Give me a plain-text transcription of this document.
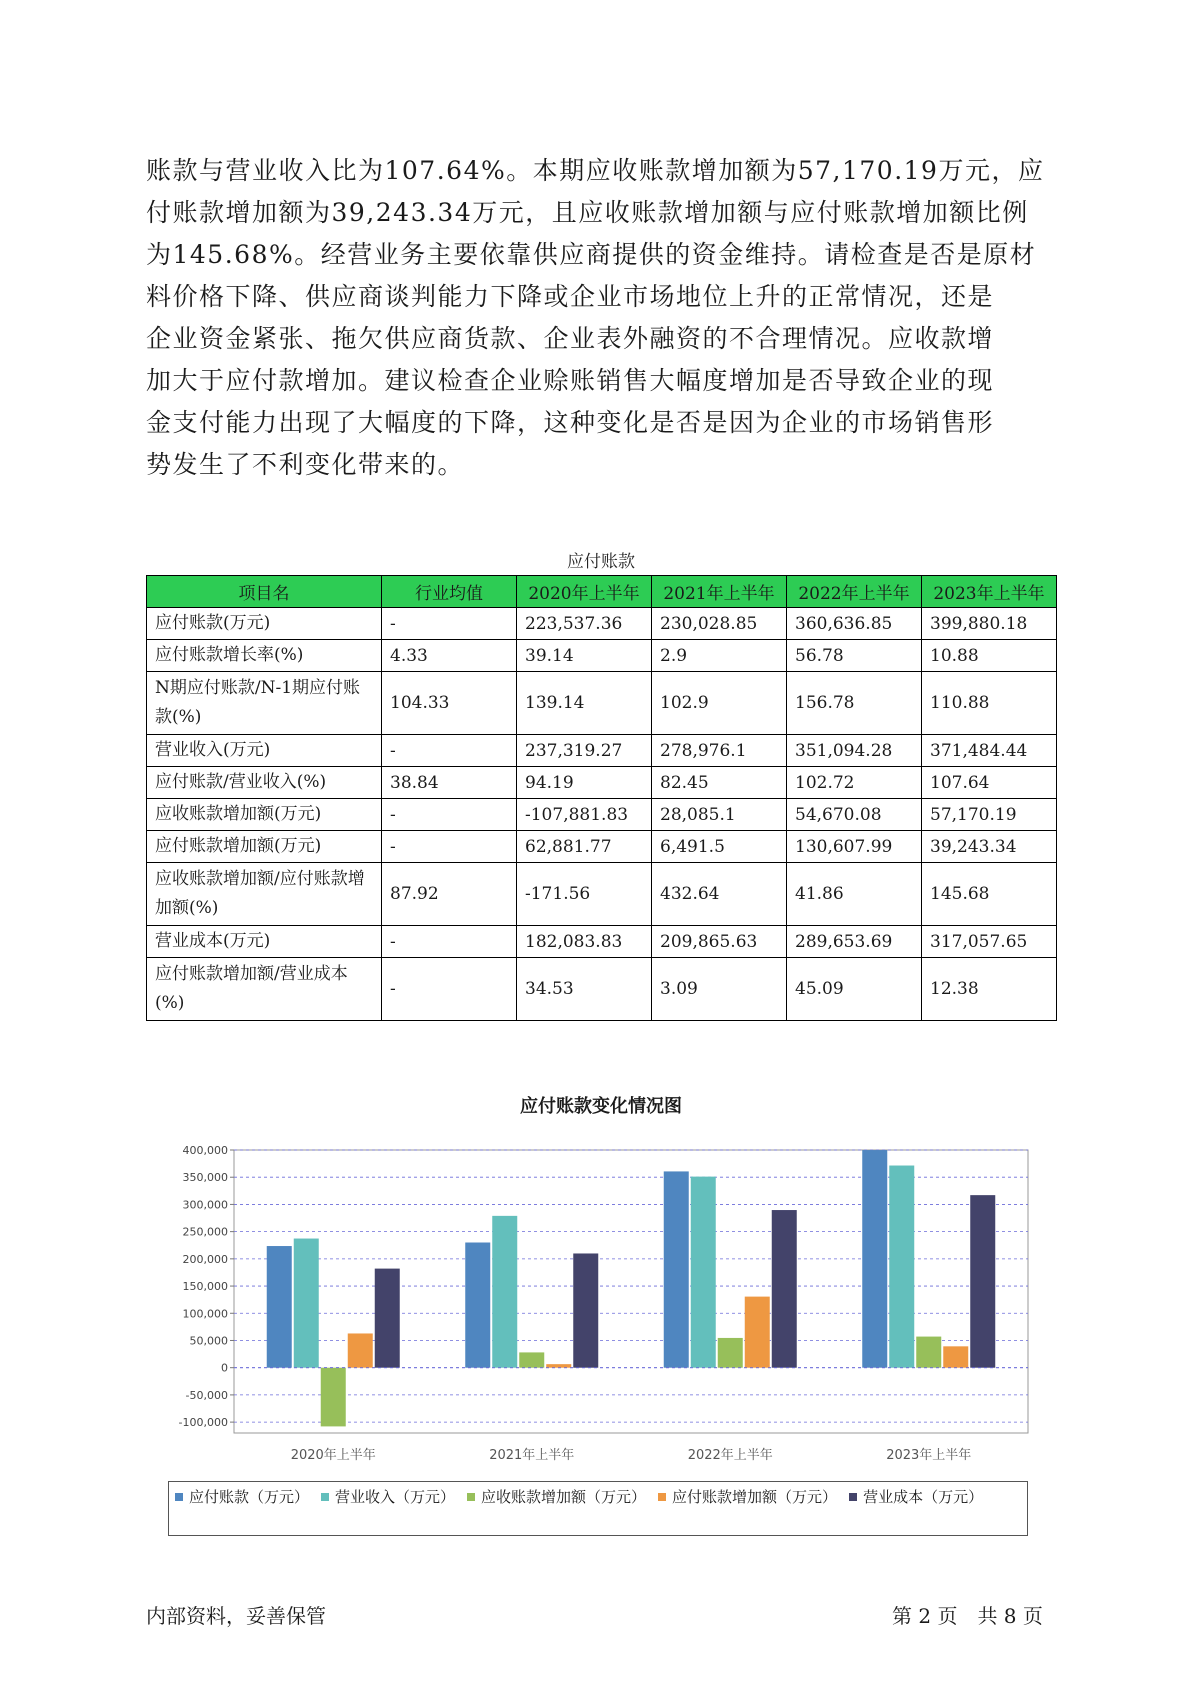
账款与营业收入比为107.64%。本期应收账款增加额为57,170.19万元，应
付账款增加额为39,243.34万元，且应收账款增加额与应付账款增加额比例
为145.68%。经营业务主要依靠供应商提供的资金维持。请检查是否是原材
料价格下降、供应商谈判能力下降或企业市场地位上升的正常情况，还是
企业资金紧张、拖欠供应商货款、企业表外融资的不合理情况。应收款增
加大于应付款增加。建议检查企业赊账销售大幅度增加是否导致企业的现
金支付能力出现了大幅度的下降，这种变化是否是因为企业的市场销售形
势发生了不利变化带来的。

应付账款
项目名	行业均值	2020年上半年	2021年上半年	2022年上半年	2023年上半年
应付账款(万元)	-	223,537.36	230,028.85	360,636.85	399,880.18
应付账款增长率(%)	4.33	39.14	2.9	56.78	10.88
N期应付账款/N-1期应付账款(%)	104.33	139.14	102.9	156.78	110.88
营业收入(万元)	-	237,319.27	278,976.1	351,094.28	371,484.44
应付账款/营业收入(%)	38.84	94.19	82.45	102.72	107.64
应收账款增加额(万元)	-	-107,881.83	28,085.1	54,670.08	57,170.19
应付账款增加额(万元)	-	62,881.77	6,491.5	130,607.99	39,243.34
应收账款增加额/应付账款增加额(%)	87.92	-171.56	432.64	41.86	145.68
营业成本(万元)	-	182,083.83	209,865.63	289,653.69	317,057.65
应付账款增加额/营业成本(%)	-	34.53	3.09	45.09	12.38
应付账款变化情况图
400,000
350,000
300,000
250,000
200,000
150,000
100,000
50,000
0
-50,000
-100,000
2020年上半年	2021年上半年	2022年上半年	2023年上半年
应付账款（万元） 营业收入（万元） 应收账款增加额（万元） 应付账款增加额（万元） 营业成本（万元）
内部资料，妥善保管	第 2 页　共 8 页
